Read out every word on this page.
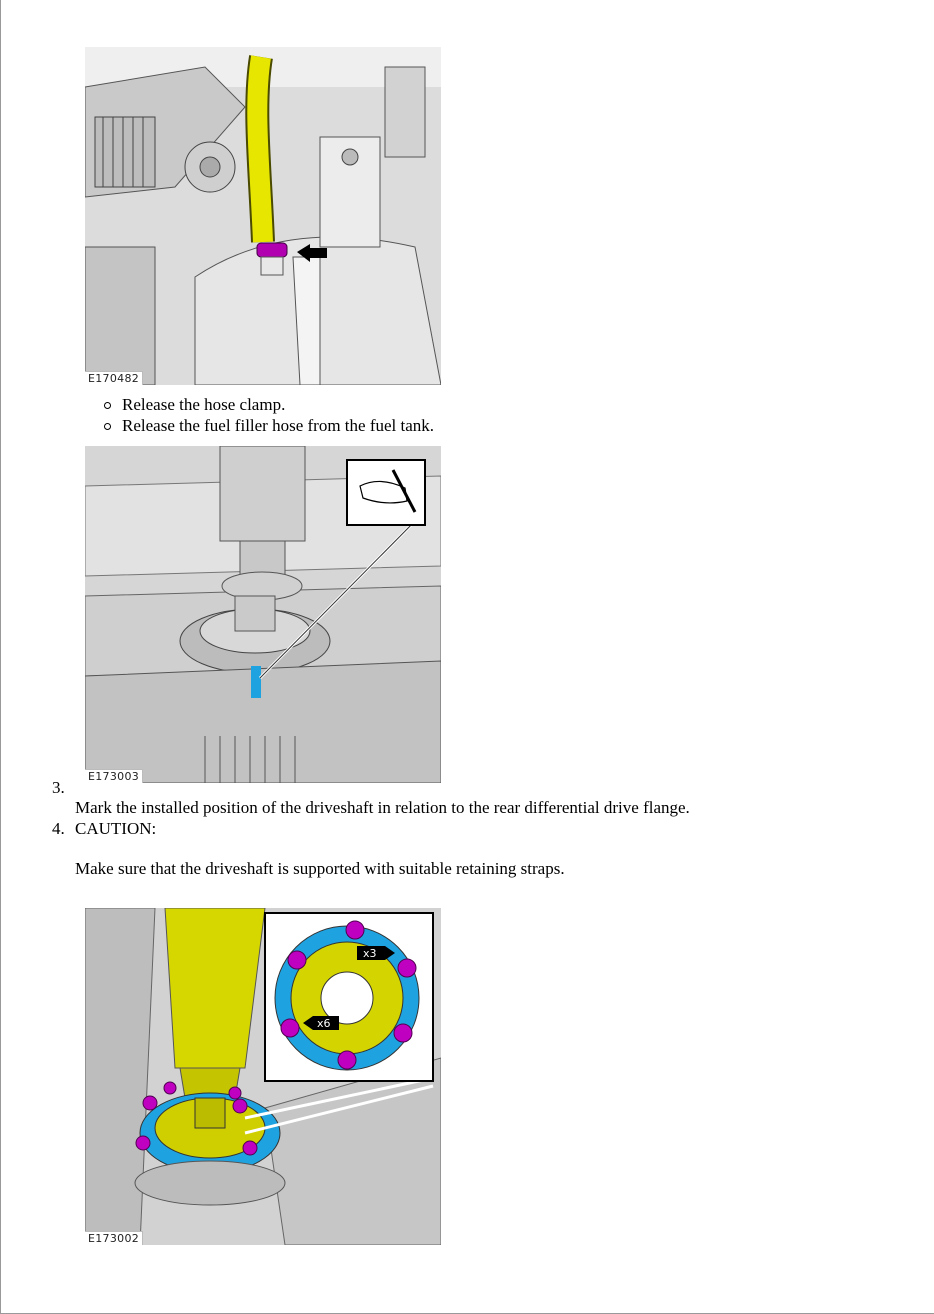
E170482
Release the hose clamp.
Release the fuel filler hose from the fuel tank.
E173003
3.
Mark the installed position of the driveshaft in relation to the rear differential drive flange.
4. CAUTION:
Make sure that the driveshaft is supported with suitable retaining straps.
x3
x6
E173002
